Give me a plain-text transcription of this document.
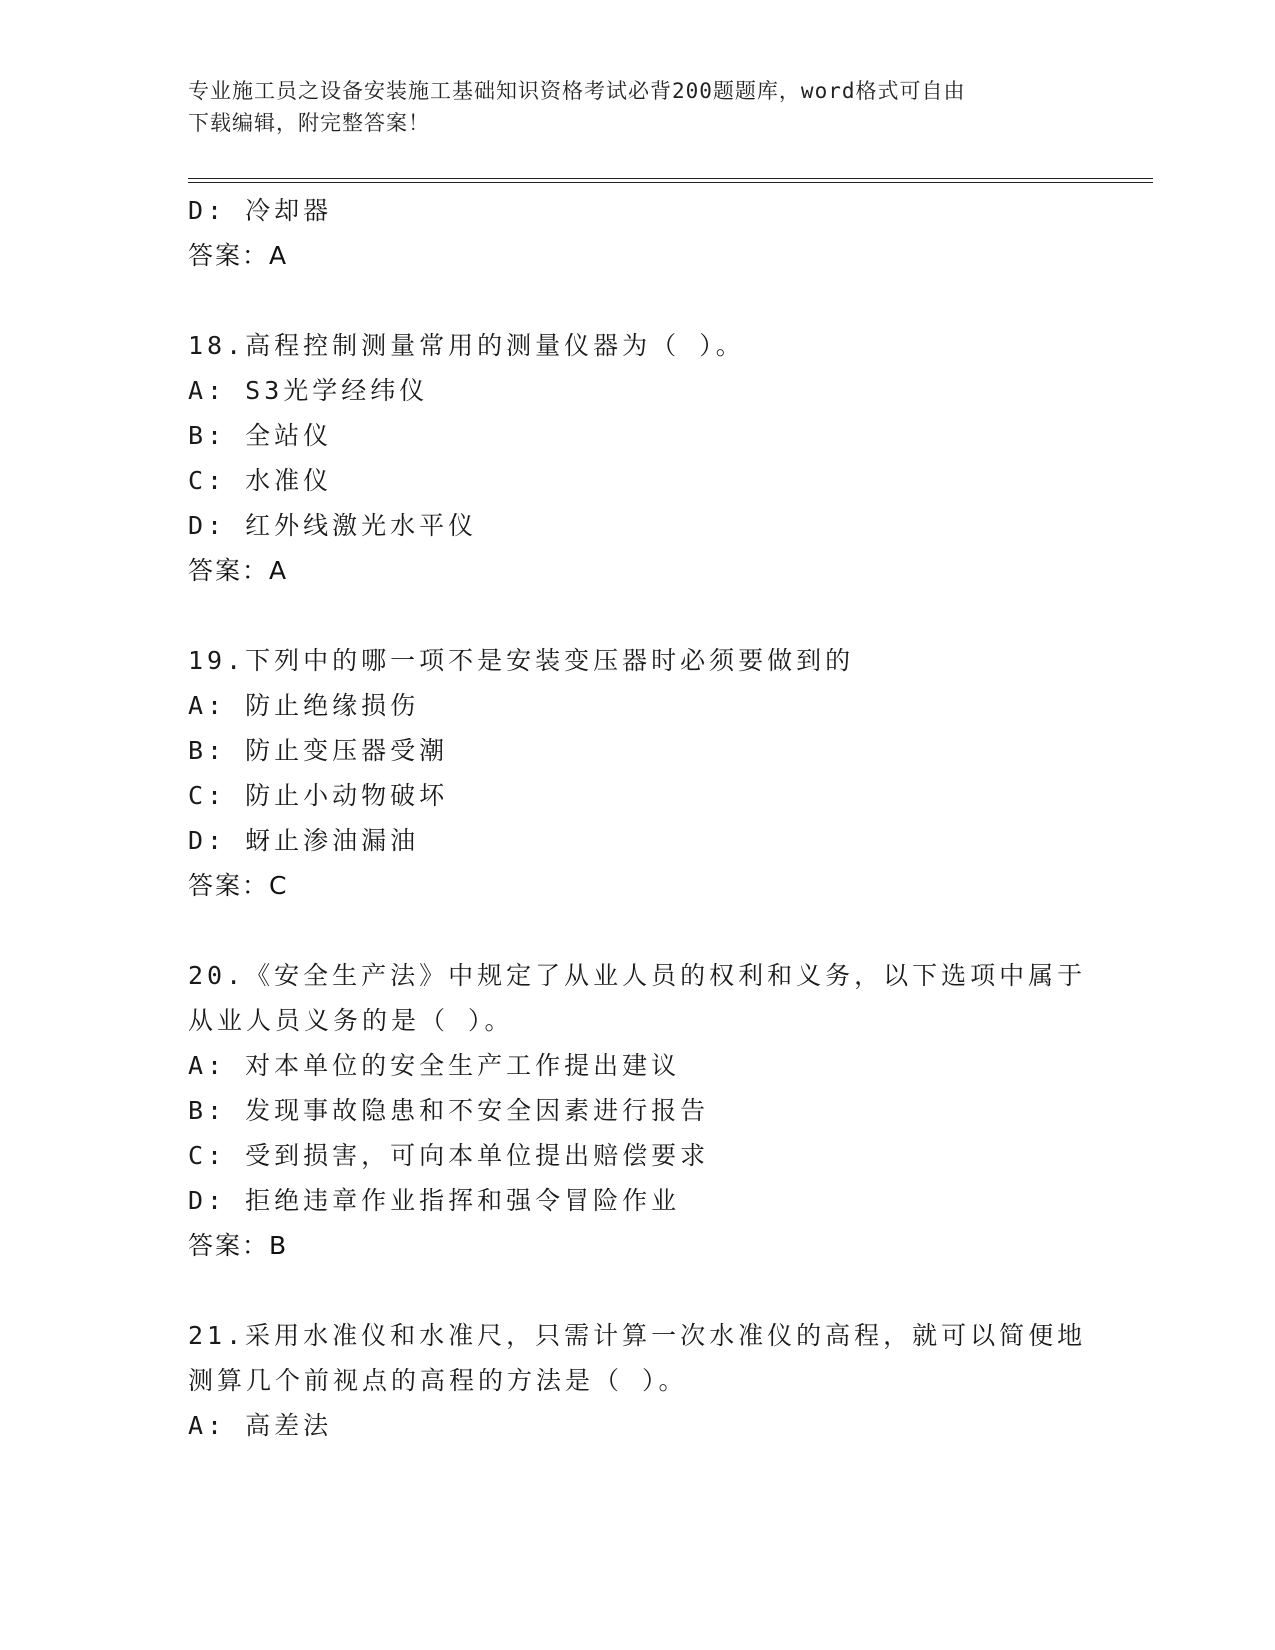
专业施工员之设备安装施工基础知识资格考试必背200题题库，word格式可自由
下载编辑，附完整答案！
D: 冷却器
答案：A
18.高程控制测量常用的测量仪器为（ ）。
A: S3光学经纬仪
B: 全站仪
C: 水准仪
D: 红外线激光水平仪
答案：A
19.下列中的哪一项不是安装变压器时必须要做到的
A: 防止绝缘损伤
B: 防止变压器受潮
C: 防止小动物破坏
D: 蚜止渗油漏油
答案：C
20.《安全生产法》中规定了从业人员的权利和义务，以下选项中属于
从业人员义务的是（ ）。
A: 对本单位的安全生产工作提出建议
B: 发现事故隐患和不安全因素进行报告
C: 受到损害，可向本单位提出赔偿要求
D: 拒绝违章作业指挥和强令冒险作业
答案：B
21.采用水准仪和水准尺，只需计算一次水准仪的高程，就可以简便地
测算几个前视点的高程的方法是（ ）。
A: 高差法
